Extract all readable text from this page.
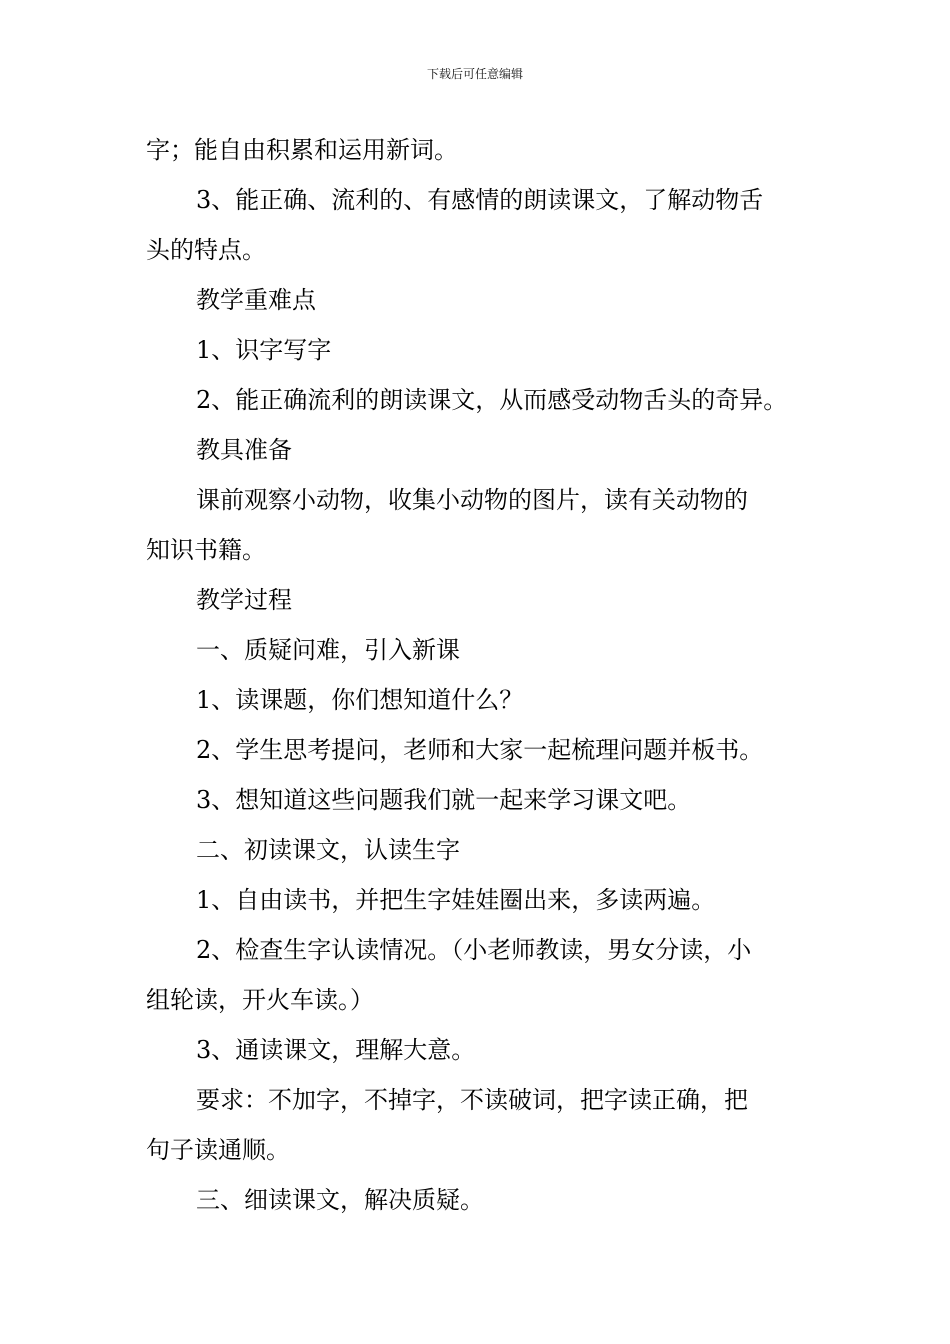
下载后可任意编辑
字；能自由积累和运用新词。
3、能正确、流利的、有感情的朗读课文，了解动物舌
头的特点。
教学重难点
1、识字写字
2、能正确流利的朗读课文，从而感受动物舌头的奇异。
教具准备
课前观察小动物，收集小动物的图片，读有关动物的
知识书籍。
教学过程
一、质疑问难，引入新课
1、读课题，你们想知道什么？
2、学生思考提问，老师和大家一起梳理问题并板书。
3、想知道这些问题我们就一起来学习课文吧。
二、初读课文，认读生字
1、自由读书，并把生字娃娃圈出来，多读两遍。
2、检查生字认读情况。（小老师教读，男女分读，小
组轮读，开火车读。）
3、通读课文，理解大意。
要求：不加字，不掉字，不读破词，把字读正确，把
句子读通顺。
三、细读课文，解决质疑。
